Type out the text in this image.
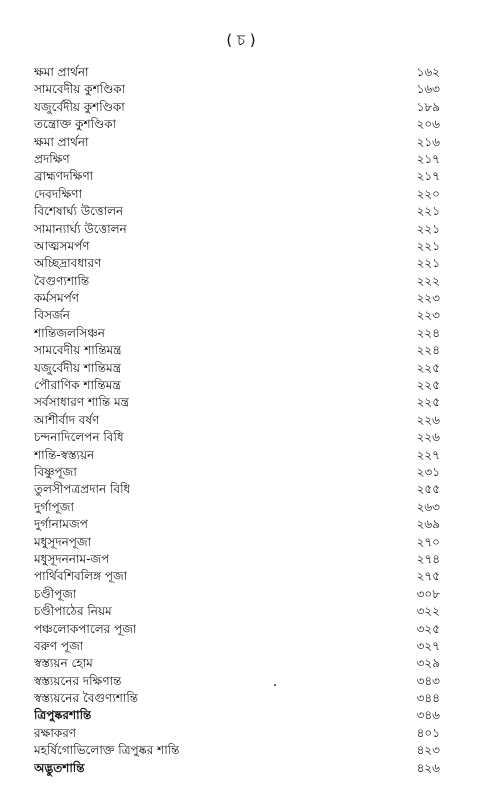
( চ )
ক্ষমা প্রার্থনা	১৬২
সামবেদীয় কুশণ্ডিকা	১৬৩
যজুর্বেদীয় কুশণ্ডিকা	১৮৯
তন্ত্রোক্ত কুশণ্ডিকা	২০৬
ক্ষমা প্রার্থনা	২১৬
প্রদক্ষিণ	২১৭
ব্রাহ্মণদক্ষিণা	২১৭
দেবদক্ষিণা	২২০
বিশেষার্ঘ্য উত্তোলন	২২১
সামান্যার্ঘ্য উত্তোলন	২২১
আত্মসমর্পণ	২২১
অচ্ছিদ্রাবধারণ	২২১
বৈগুণ্যশান্তি	২২২
কর্মসমর্পণ	২২৩
বিসর্জন	২২৩
শান্তিজলসিঞ্চন	২২৪
সামবেদীয় শান্তিমন্ত্র	২২৪
যজুর্বেদীয় শান্তিমন্ত্র	২২৫
পৌরাণিক শান্তিমন্ত্র	২২৫
সর্বসাধারণ শান্তি মন্ত্র	২২৫
আশীর্বাদ বর্ষণ	২২৬
চন্দনাদিলেপন বিধি	২২৬
শান্তি-স্বস্ত্যয়ন	২২৭
বিষ্ণুপূজা	২৩১
তুলসীপত্রপ্রদান বিধি	২৫৫
দুর্গাপূজা	২৬৩
দুর্গানামজপ	২৬৯
মধুসূদনপূজা	২৭০
মধুসূদননাম-জপ	২৭৪
পার্থিবশিবলিঙ্গ পূজা	২৭৫
চণ্ডীপূজা	৩০৮
চণ্ডীপাঠের নিয়ম	৩২২
পঞ্চলোকপালের পূজা	৩২৫
বরুণ পূজা	৩২৭
স্বস্ত্যয়ন হোম	৩২৯
স্বস্ত্যয়নের দক্ষিণান্ত	৩৪৩
স্বস্ত্যয়নের বৈগুণ্যশান্তি	৩৪৪
ত্রিপুষ্করশান্তি	৩৪৬
রক্ষাকরণ	৪০১
মহর্ষিগোভিলোক্ত ত্রিপুষ্কর শান্তি	৪২৩
অদ্ভুতশান্তি	৪২৬
